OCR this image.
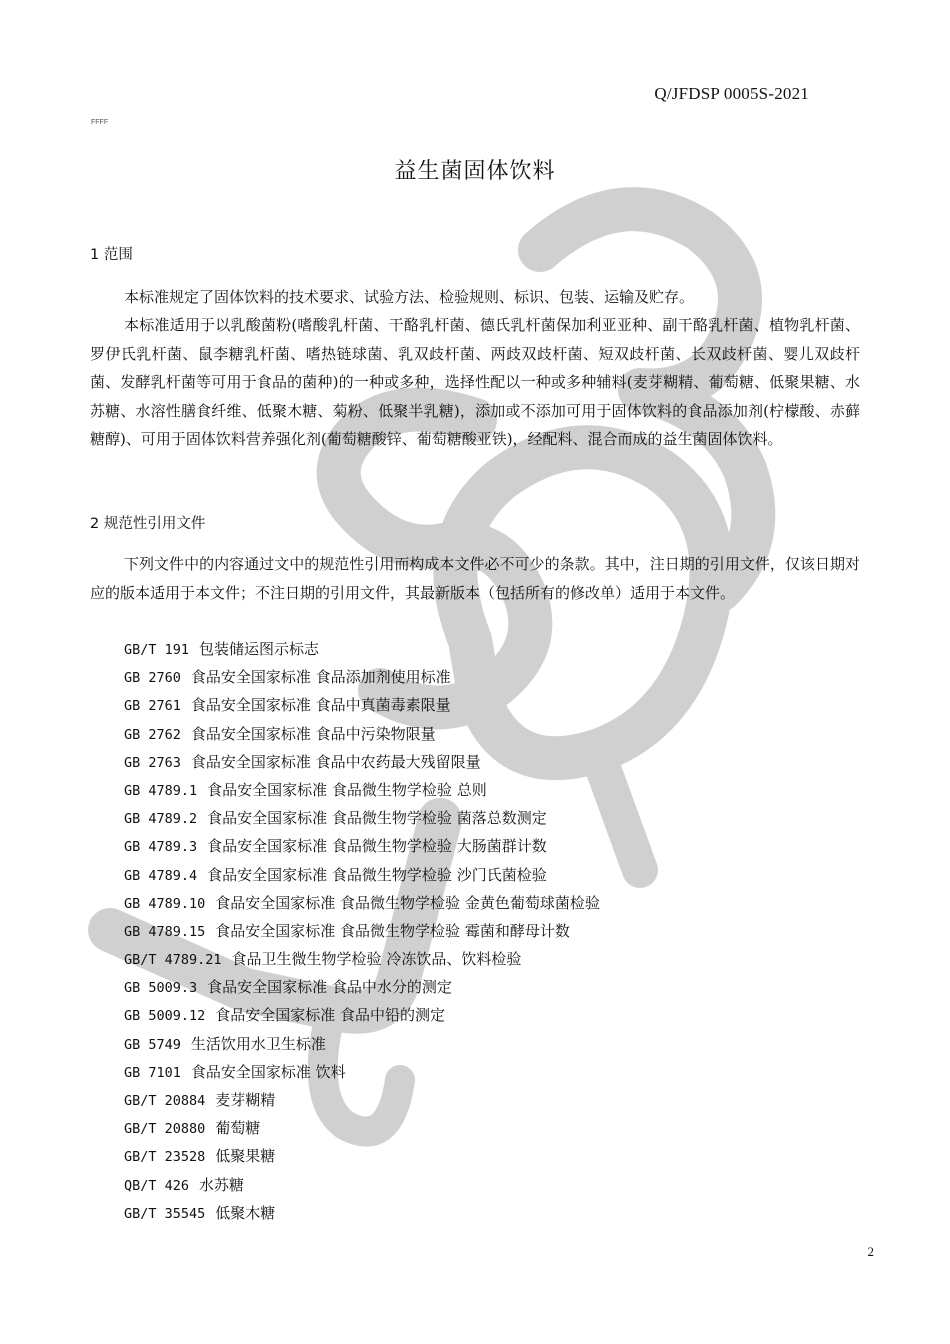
Q/JFDSP 0005S-2021
FFFF
益生菌固体饮料
1 范围

本标准规定了固体饮料的技术要求、试验方法、检验规则、标识、包装、运输及贮存。

本标准适用于以乳酸菌粉(嗜酸乳杆菌、干酪乳杆菌、德氏乳杆菌保加利亚亚种、副干酪乳杆菌、植物乳杆菌、罗伊氏乳杆菌、鼠李糖乳杆菌、嗜热链球菌、乳双歧杆菌、两歧双歧杆菌、短双歧杆菌、长双歧杆菌、婴儿双歧杆菌、发酵乳杆菌等可用于食品的菌种)的一种或多种，选择性配以一种或多种辅料(麦芽糊精、葡萄糖、低聚果糖、水苏糖、水溶性膳食纤维、低聚木糖、菊粉、低聚半乳糖)，添加或不添加可用于固体饮料的食品添加剂(柠檬酸、赤藓糖醇)、可用于固体饮料营养强化剂(葡萄糖酸锌、葡萄糖酸亚铁)，经配料、混合而成的益生菌固体饮料。

2 规范性引用文件

下列文件中的内容通过文中的规范性引用而构成本文件必不可少的条款。其中，注日期的引用文件，仅该日期对应的版本适用于本文件；不注日期的引用文件，其最新版本（包括所有的修改单）适用于本文件。

GB/T 191 包装储运图示标志
GB 2760 食品安全国家标准 食品添加剂使用标准
GB 2761 食品安全国家标准 食品中真菌毒素限量
GB 2762 食品安全国家标准 食品中污染物限量
GB 2763 食品安全国家标准 食品中农药最大残留限量
GB 4789.1 食品安全国家标准 食品微生物学检验 总则
GB 4789.2 食品安全国家标准 食品微生物学检验 菌落总数测定
GB 4789.3 食品安全国家标准 食品微生物学检验 大肠菌群计数
GB 4789.4 食品安全国家标准 食品微生物学检验 沙门氏菌检验
GB 4789.10 食品安全国家标准 食品微生物学检验 金黄色葡萄球菌检验
GB 4789.15 食品安全国家标准 食品微生物学检验 霉菌和酵母计数
GB/T 4789.21 食品卫生微生物学检验 冷冻饮品、饮料检验
GB 5009.3 食品安全国家标准 食品中水分的测定
GB 5009.12 食品安全国家标准 食品中铅的测定
GB 5749 生活饮用水卫生标准
GB 7101 食品安全国家标准 饮料
GB/T 20884 麦芽糊精
GB/T 20880 葡萄糖
GB/T 23528 低聚果糖
QB/T 426 水苏糖
GB/T 35545 低聚木糖
2
